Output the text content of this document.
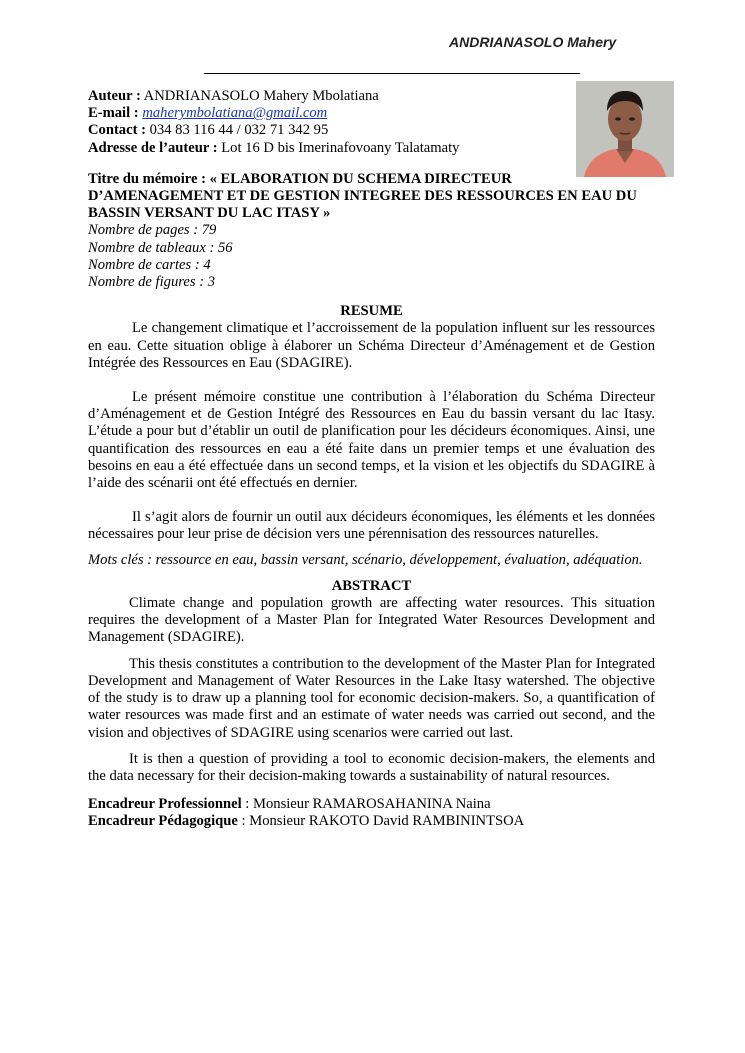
ANDRIANASOLO Mahery

Auteur : ANDRIANASOLO Mahery Mbolatiana

E-mail : maherymbolatiana@gmail.com

Contact : 034 83 116 44 / 032 71 342 95

Adresse de l’auteur : Lot 16 D bis Imerinafovoany Talatamaty

Titre du mémoire : « ELABORATION DU SCHEMA DIRECTEUR

D’AMENAGEMENT ET DE GESTION INTEGREE DES RESSOURCES EN EAU DU

BASSIN VERSANT DU LAC ITASY »

Nombre de pages : 79

Nombre de tableaux : 56

Nombre de cartes : 4

Nombre de figures : 3

RESUME

Le changement climatique et l’accroissement de la population influent sur les ressources en eau. Cette situation oblige à élaborer un Schéma Directeur d’Aménagement et de Gestion Intégrée des Ressources en Eau (SDAGIRE).

Le présent mémoire constitue une contribution à l’élaboration du Schéma Directeur d’Aménagement et de Gestion Intégré des Ressources en Eau du bassin versant du lac Itasy. L’étude a pour but d’établir un outil de planification pour les décideurs économiques. Ainsi, une quantification des ressources en eau a été faite dans un premier temps et une évaluation des besoins en eau a été effectuée dans un second temps, et la vision et les objectifs du SDAGIRE à l’aide des scénarii ont été effectués en dernier.

Il s’agit alors de fournir un outil aux décideurs économiques, les éléments et les données nécessaires pour leur prise de décision vers une pérennisation des ressources naturelles.

Mots clés : ressource en eau, bassin versant, scénario, développement, évaluation, adéquation.

ABSTRACT

Climate change and population growth are affecting water resources. This situation requires the development of a Master Plan for Integrated Water Resources Development and Management (SDAGIRE).

This thesis constitutes a contribution to the development of the Master Plan for Integrated Development and Management of Water Resources in the Lake Itasy watershed. The objective of the study is to draw up a planning tool for economic decision-makers. So, a quantification of water resources was made first and an estimate of water needs was carried out second, and the vision and objectives of SDAGIRE using scenarios were carried out last.

It is then a question of providing a tool to economic decision-makers, the elements and the data necessary for their decision-making towards a sustainability of natural resources.

Encadreur Professionnel : Monsieur RAMAROSAHANINA Naina

Encadreur Pédagogique : Monsieur RAKOTO David RAMBININTSOA
